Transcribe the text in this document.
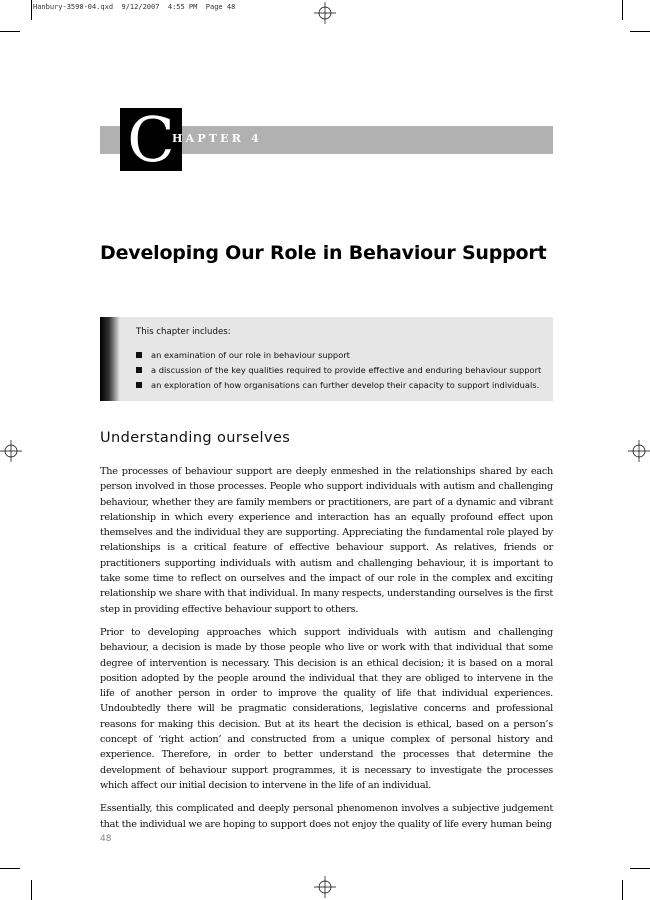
Hanbury-3590-04.qxd  9/12/2007  4:55 PM  Page 48
C
HAPTER 4
Developing Our Role in Behaviour Support
This chapter includes:
an examination of our role in behaviour support
a discussion of the key qualities required to provide effective and enduring behaviour support
an exploration of how organisations can further develop their capacity to support individuals.
Understanding ourselves

The processes of behaviour support are deeply enmeshed in the relationships shared by each person involved in those processes. People who support individuals with autism and challenging behaviour, whether they are family members or practitioners, are part of a dynamic and vibrant relationship in which every experience and interaction has an equally profound effect upon themselves and the individual they are supporting. Appreciating the fundamental role played by relationships is a critical feature of effective behaviour support. As relatives, friends or practitioners supporting individuals with autism and challenging behaviour, it is important to take some time to reflect on ourselves and the impact of our role in the complex and exciting relationship we share with that individual. In many respects, understanding ourselves is the first step in providing effective behaviour support to others.

Prior to developing approaches which support individuals with autism and challenging behaviour, a decision is made by those people who live or work with that individual that some degree of intervention is necessary. This decision is an ethical decision; it is based on a moral position adopted by the people around the individual that they are obliged to intervene in the life of another person in order to improve the quality of life that individual experiences. Undoubtedly there will be pragmatic considerations, legislative concerns and professional reasons for making this decision. But at its heart the decision is ethical, based on a person’s concept of ‘right action’ and constructed from a unique complex of personal history and experience. Therefore, in order to better understand the processes that determine the development of behaviour support programmes, it is necessary to investigate the processes which affect our initial decision to intervene in the life of an individual.

Essentially, this complicated and deeply personal phenomenon involves a subjective judgement that the individual we are hoping to support does not enjoy the quality of life every human being

48
